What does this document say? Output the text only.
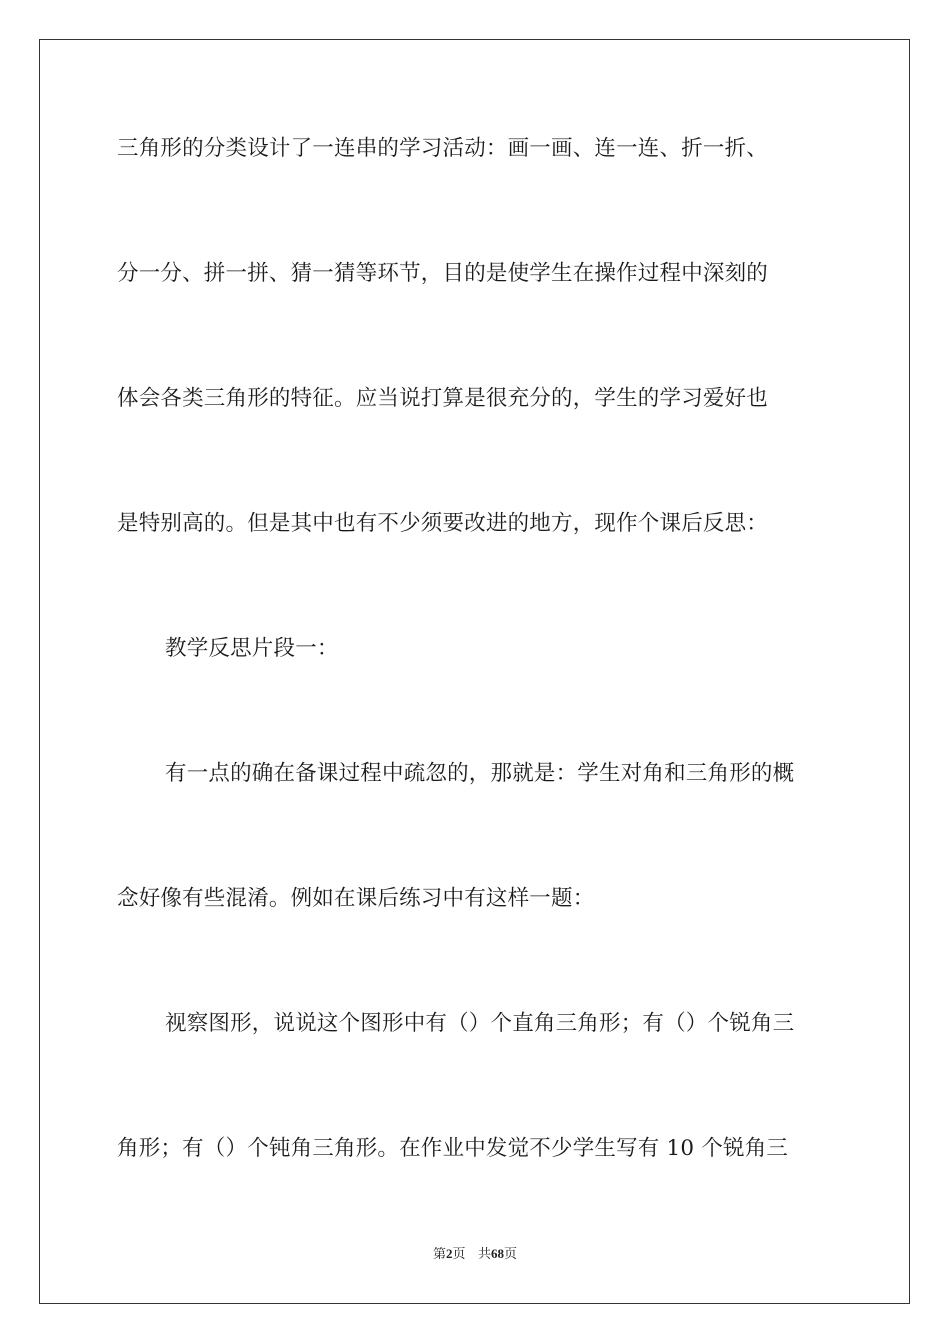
三角形的分类设计了一连串的学习活动：画一画、连一连、折一折、
分一分、拼一拼、猜一猜等环节，目的是使学生在操作过程中深刻的
体会各类三角形的特征。应当说打算是很充分的，学生的学习爱好也
是特别高的。但是其中也有不少须要改进的地方，现作个课后反思：
教学反思片段一：
有一点的确在备课过程中疏忽的，那就是：学生对角和三角形的概
念好像有些混淆。例如在课后练习中有这样一题：
视察图形，说说这个图形中有（）个直角三角形；有（）个锐角三
角形；有（）个钝角三角形。在作业中发觉不少学生写有 10 个锐角三
第2页 共68页
